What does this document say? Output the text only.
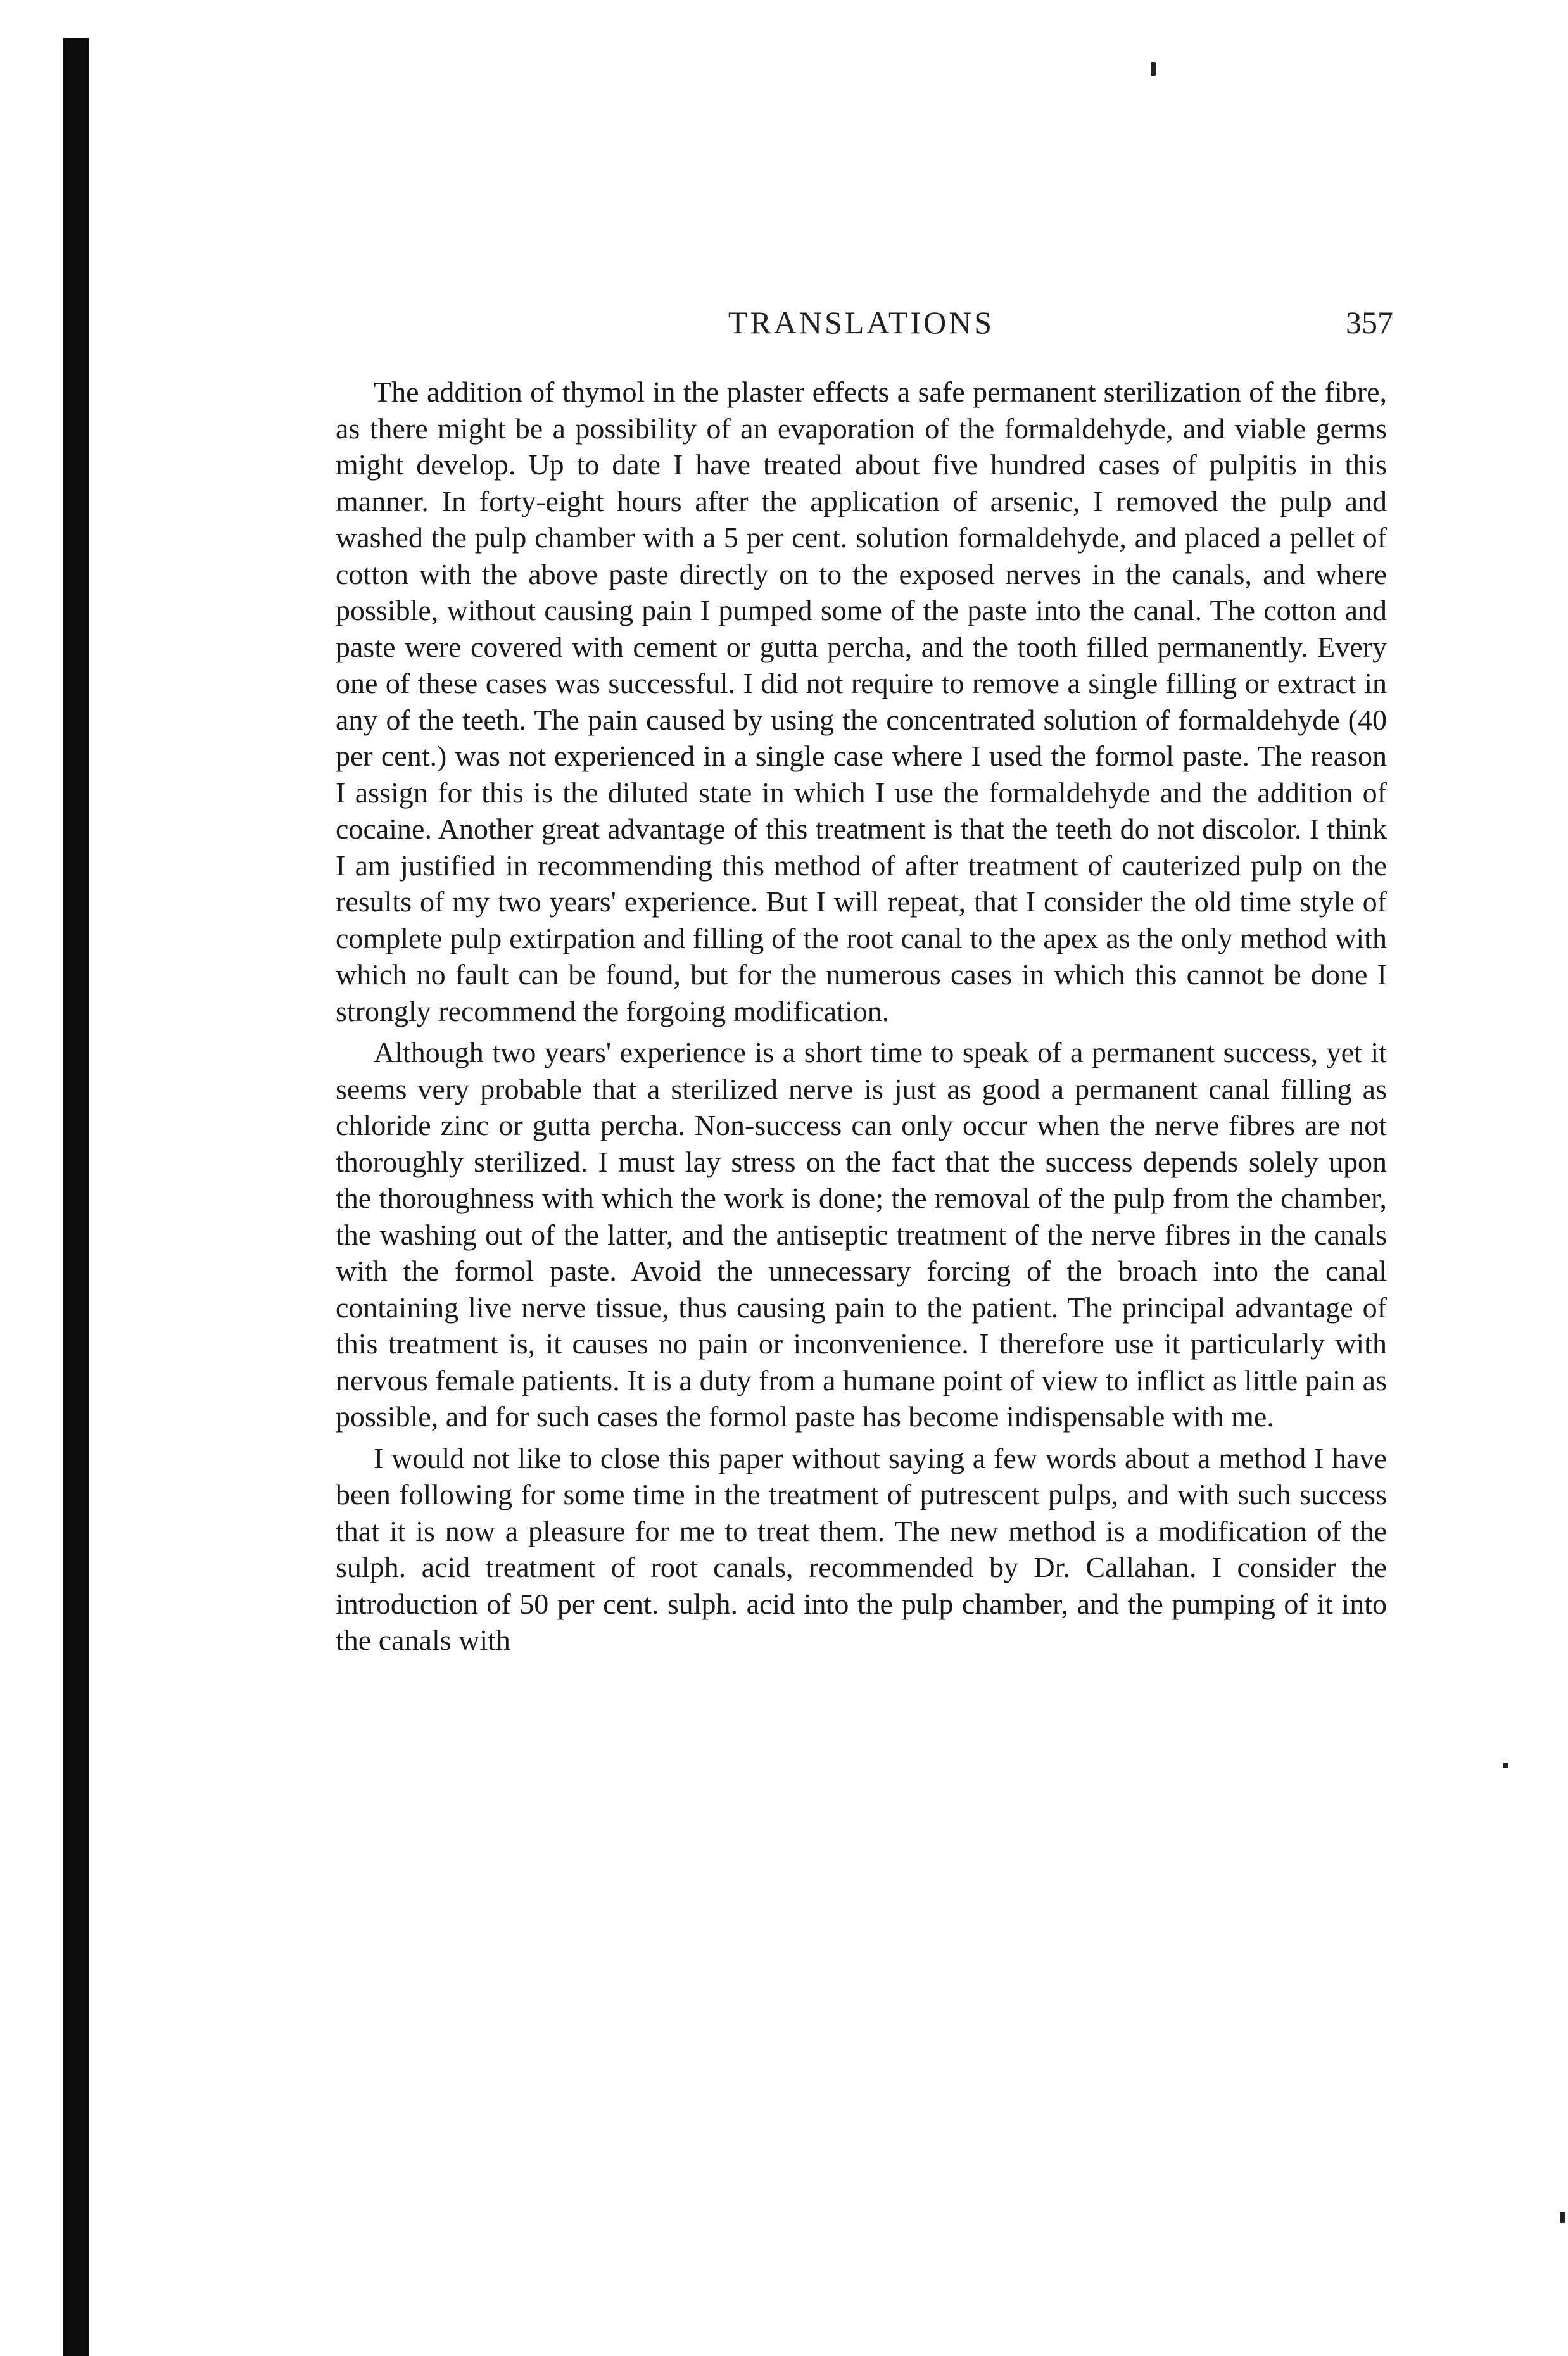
TRANSLATIONS	357

The addition of thymol in the plaster effects a safe permanent sterilization of the fibre, as there might be a possibility of an evaporation of the formaldehyde, and viable germs might develop. Up to date I have treated about five hundred cases of pulpitis in this manner. In forty-eight hours after the application of arsenic, I removed the pulp and washed the pulp chamber with a 5 per cent. solution formaldehyde, and placed a pellet of cotton with the above paste directly on to the exposed nerves in the canals, and where possible, without causing pain I pumped some of the paste into the canal. The cotton and paste were covered with cement or gutta percha, and the tooth filled permanently. Every one of these cases was successful. I did not require to remove a single filling or extract in any of the teeth. The pain caused by using the concentrated solution of formaldehyde (40 per cent.) was not experienced in a single case where I used the formol paste. The reason I assign for this is the diluted state in which I use the formaldehyde and the addition of cocaine. Another great advantage of this treatment is that the teeth do not discolor. I think I am justified in recommending this method of after treatment of cauterized pulp on the results of my two years' experience. But I will repeat, that I consider the old time style of complete pulp extirpation and filling of the root canal to the apex as the only method with which no fault can be found, but for the numerous cases in which this cannot be done I strongly recommend the forgoing modification.

Although two years' experience is a short time to speak of a permanent success, yet it seems very probable that a sterilized nerve is just as good a permanent canal filling as chloride zinc or gutta percha. Non-success can only occur when the nerve fibres are not thoroughly sterilized. I must lay stress on the fact that the success depends solely upon the thoroughness with which the work is done; the removal of the pulp from the chamber, the washing out of the latter, and the antiseptic treatment of the nerve fibres in the canals with the formol paste. Avoid the unnecessary forcing of the broach into the canal containing live nerve tissue, thus causing pain to the patient. The principal advantage of this treatment is, it causes no pain or inconvenience. I therefore use it particularly with nervous female patients. It is a duty from a humane point of view to inflict as little pain as possible, and for such cases the formol paste has become indispensable with me.

I would not like to close this paper without saying a few words about a method I have been following for some time in the treatment of putrescent pulps, and with such success that it is now a pleasure for me to treat them. The new method is a modification of the sulph. acid treatment of root canals, recommended by Dr. Callahan. I consider the introduction of 50 per cent. sulph. acid into the pulp chamber, and the pumping of it into the canals with
